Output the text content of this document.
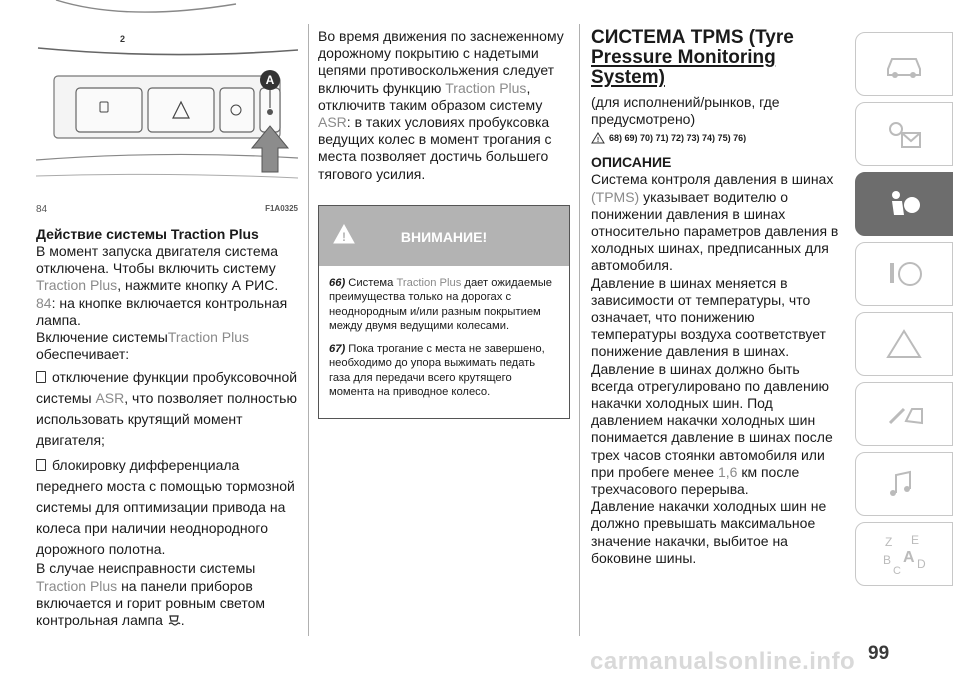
2
A
84	F1A0325

Действие системы Traction Plus

В момент запуска двигателя система отключена. Чтобы включить систему Traction Plus, нажмите кнопку А РИС. 84: на кнопке включается контрольная лампа.

Включение системыTraction Plus обеспечивает:

отключение функции пробуксовочной системы ASR, что позволяет полностью использовать крутящий момент двигателя;

блокировку дифференциала переднего моста с помощью тормозной системы для оптимизации привода на колеса при наличии неоднородного дорожного полотна.

В случае неисправности системы Traction Plus на панели приборов включается и горит ровным светом контрольная лампа .

Во время движения по заснеженному дорожному покрытию с надетыми цепями противоскольжения следует включить функцию Traction Plus, отключитв таким образом систему ASR: в таких условиях пробуксовка ведущих колес в момент трогания с места позволяет достичь большего тягового усилия.

!	ВНИМАНИЕ!

66) Система Traction Plus дает ожидаемые преимущества только на дорогах с неоднородным и/или разным покрытием между двумя ведущими колесами.

67) Пока трогание с места не завершено, необходимо до упора выжимать педать газа для передачи всего крутящего момента на приводное колесо.

СИСТЕМА TPMS (Tyre
Pressure Monitoring System)

(для исполнений/рынков, где предусмотрено)

! 68) 69) 70) 71) 72) 73) 74) 75) 76)

ОПИСАНИЕ

Система контроля давления в шинах (TPMS) указывает водителю о понижении давления в шинах относительно параметров давления в холодных шинах, предписанных для автомобиля.

Давление в шинах меняется в зависимости от температуры, что означает, что понижению температуры воздуха соответствует понижение давления в шинах.

Давление в шинах должно быть всегда отрегулировано по давлению накачки холодных шин. Под давлением накачки холодных шин понимается давление в шинах после трех часов стоянки автомобиля или при пробеге менее 1,6 км после трехчасового перерыва.

Давление накачки холодных шин не должно превышать максимальное значение накачки, выбитое на боковине шины.

Z E
B A
C D
99
carmanualsonline.info
